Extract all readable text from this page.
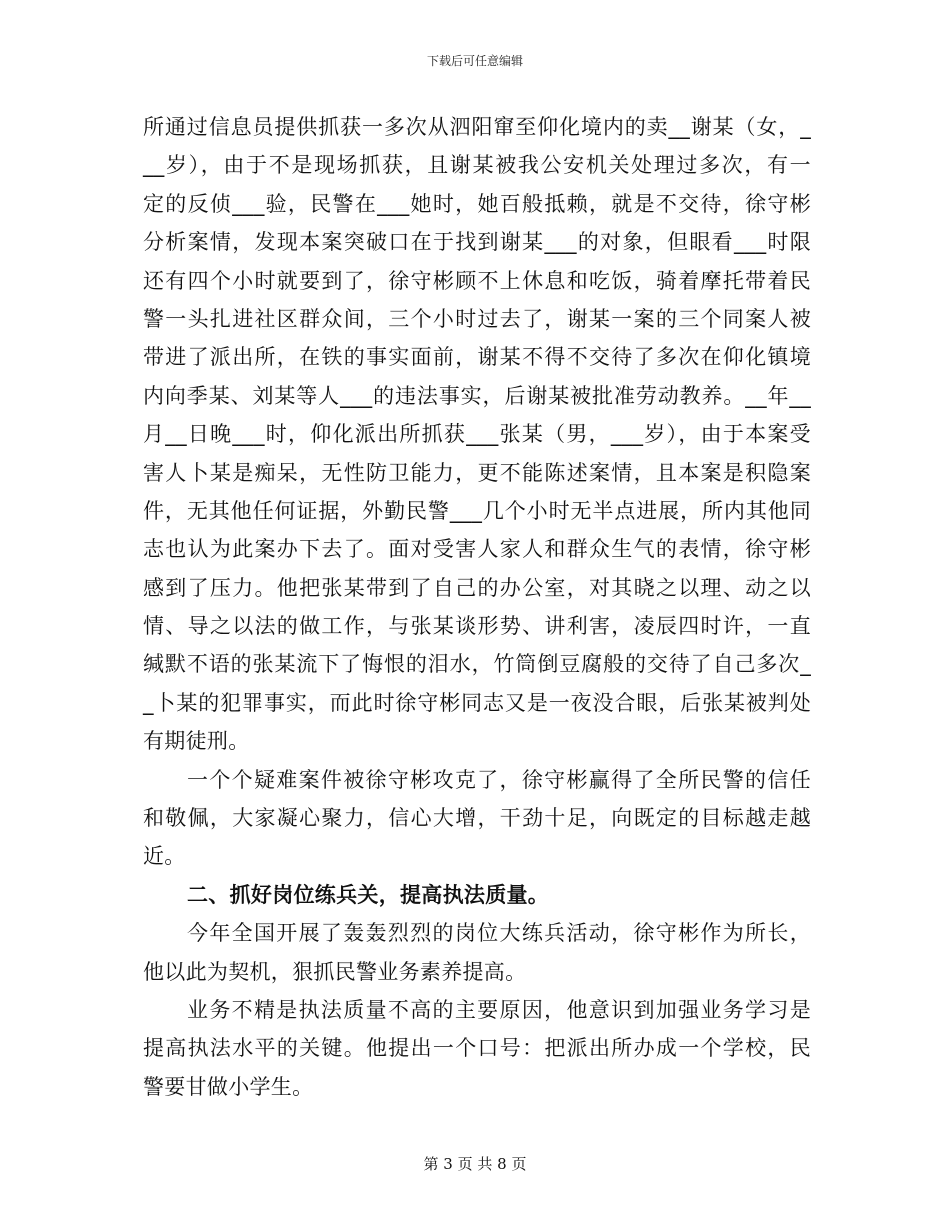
下载后可任意编辑
所通过信息员提供抓获一多次从泗阳窜至仰化境内的卖__谢某（女，_
__岁），由于不是现场抓获，且谢某被我公安机关处理过多次，有一
定的反侦___验，民警在___她时，她百般抵赖，就是不交待，徐守彬
分析案情，发现本案突破口在于找到谢某___的对象，但眼看___时限
还有四个小时就要到了，徐守彬顾不上休息和吃饭，骑着摩托带着民
警一头扎进社区群众间，三个小时过去了，谢某一案的三个同案人被
带进了派出所，在铁的事实面前，谢某不得不交待了多次在仰化镇境
内向季某、刘某等人___的违法事实，后谢某被批准劳动教养。__年__
月__日晚___时，仰化派出所抓获___张某（男，___岁），由于本案受
害人卜某是痴呆，无性防卫能力，更不能陈述案情，且本案是积隐案
件，无其他任何证据，外勤民警___几个小时无半点进展，所内其他同
志也认为此案办下去了。面对受害人家人和群众生气的表情，徐守彬
感到了压力。他把张某带到了自己的办公室，对其晓之以理、动之以
情、导之以法的做工作，与张某谈形势、讲利害，凌辰四时许，一直
缄默不语的张某流下了悔恨的泪水，竹筒倒豆腐般的交待了自己多次_
_卜某的犯罪事实，而此时徐守彬同志又是一夜没合眼，后张某被判处
有期徒刑。
一个个疑难案件被徐守彬攻克了，徐守彬赢得了全所民警的信任
和敬佩，大家凝心聚力，信心大增，干劲十足，向既定的目标越走越
近。
二、抓好岗位练兵关，提高执法质量。
今年全国开展了轰轰烈烈的岗位大练兵活动，徐守彬作为所长，
他以此为契机，狠抓民警业务素养提高。
业务不精是执法质量不高的主要原因，他意识到加强业务学习是
提高执法水平的关键。他提出一个口号：把派出所办成一个学校，民
警要甘做小学生。
第 3 页 共 8 页
